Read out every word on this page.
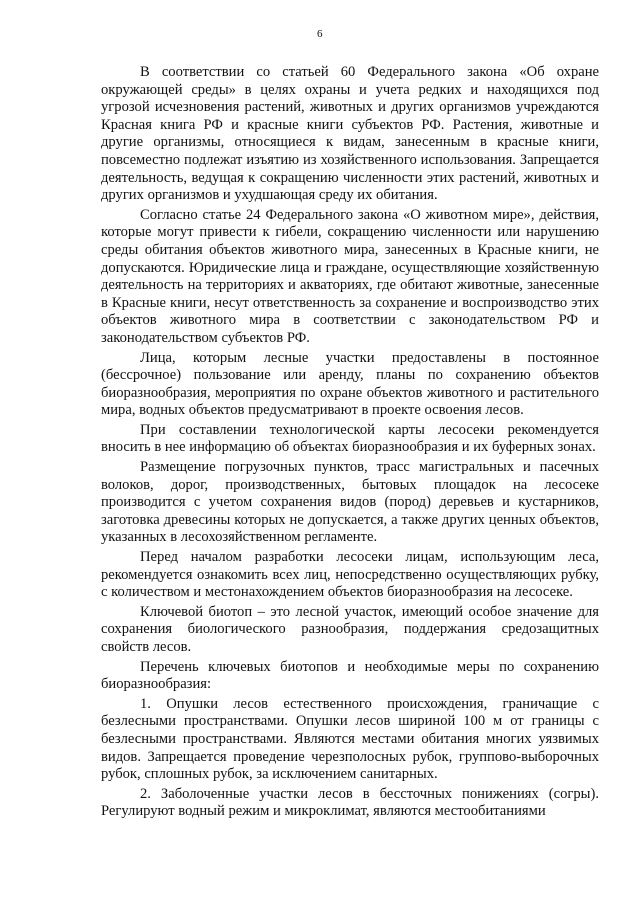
6

В соответствии со статьей 60 Федерального закона «Об охране окружающей среды» в целях охраны и учета редких и находящихся под угрозой исчезновения растений, животных и других организмов учреждаются Красная книга РФ и красные книги субъектов РФ. Растения, животные и другие организмы, относящиеся к видам, занесенным в красные книги, повсеместно подлежат изъятию из хозяйственного использования. Запрещается деятельность, ведущая к сокращению численности этих растений, животных и других организмов и ухудшающая среду их обитания.

Согласно статье 24 Федерального закона «О животном мире», действия, которые могут привести к гибели, сокращению численности или нарушению среды обитания объектов животного мира, занесенных в Красные книги, не допускаются. Юридические лица и граждане, осуществляющие хозяйственную деятельность на территориях и акваториях, где обитают животные, занесенные в Красные книги, несут ответственность за сохранение и воспроизводство этих объектов животного мира в соответствии с законодательством РФ и законодательством субъектов РФ.

Лица, которым лесные участки предоставлены в постоянное (бессрочное) пользование или аренду, планы по сохранению объектов биоразнообразия, мероприятия по охране объектов животного и растительного мира, водных объектов предусматривают в проекте освоения лесов.

При составлении технологической карты лесосеки рекомендуется вносить в нее информацию об объектах биоразнообразия и их буферных зонах.

Размещение погрузочных пунктов, трасс магистральных и пасечных волоков, дорог, производственных, бытовых площадок на лесосеке производится с учетом сохранения видов (пород) деревьев и кустарников, заготовка древесины которых не допускается, а также других ценных объектов, указанных в лесохозяйственном регламенте.

Перед началом разработки лесосеки лицам, использующим леса, рекомендуется ознакомить всех лиц, непосредственно осуществляющих рубку, с количеством и местонахождением объектов биоразнообразия на лесосеке.

Ключевой биотоп – это лесной участок, имеющий особое значение для сохранения биологического разнообразия, поддержания средозащитных свойств лесов.

Перечень ключевых биотопов и необходимые меры по сохранению биоразнообразия:

1. Опушки лесов естественного происхождения, граничащие с безлесными пространствами. Опушки лесов шириной 100 м от границы с безлесными пространствами. Являются местами обитания многих уязвимых видов. Запрещается проведение черезполосных рубок, группово-выборочных рубок, сплошных рубок, за исключением санитарных.

2. Заболоченные участки лесов в бессточных понижениях (согры). Регулируют водный режим и микроклимат, являются местообитаниями
